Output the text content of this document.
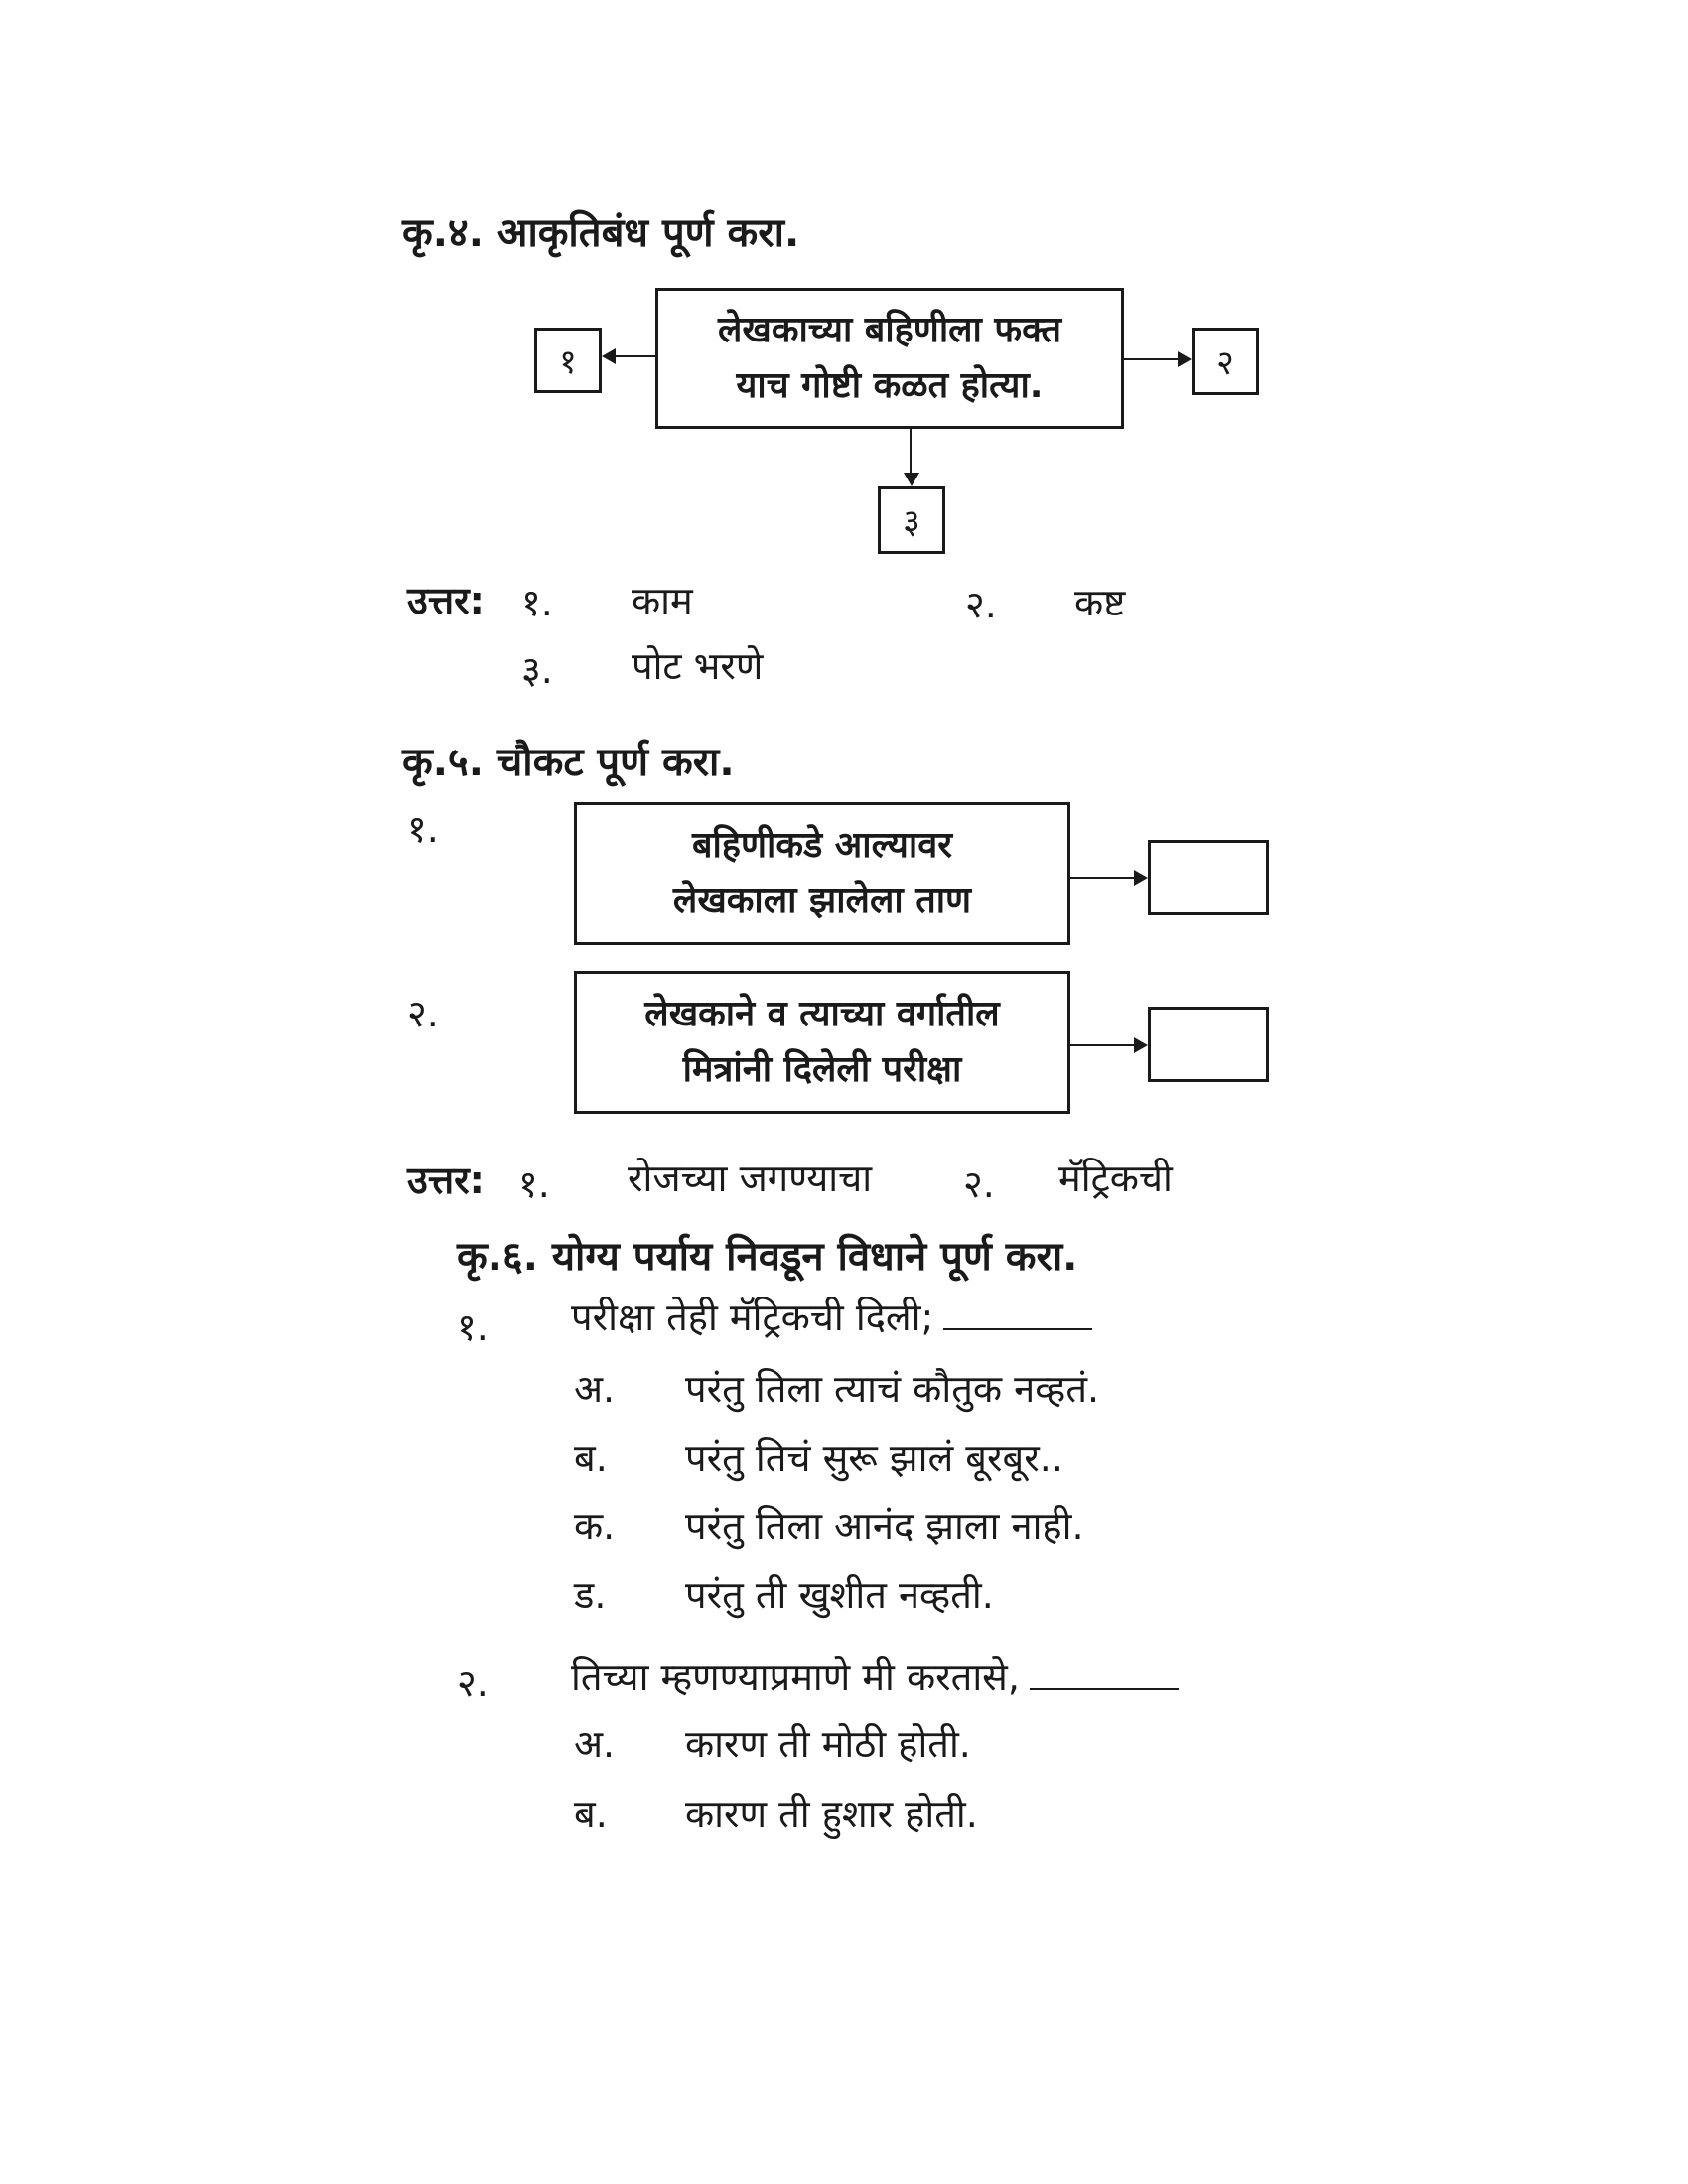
कृ.४. आकृतिबंध पूर्ण करा.
लेखकाच्या बहिणीला फक्त
याच गोष्टी कळत होत्या.
१	२
३
उत्तर: १. काम	२. कष्ट
३. पोट भरणे
कृ.५. चौकट पूर्ण करा.
१.	बहिणीकडे आल्यावर
लेखकाला झालेला ताण
२.	लेखकाने व त्याच्या वर्गातील
मित्रांनी दिलेली परीक्षा
उत्तर: १. रोजच्या जगण्याचा २. मॅट्रिकची
कृ.६. योग्य पर्याय निवडून विधाने पूर्ण करा.
१. परीक्षा तेही मॅट्रिकची दिली;
अ. परंतु तिला त्याचं कौतुक नव्हतं.
ब. परंतु तिचं सुरू झालं बूरबूर..
क. परंतु तिला आनंद झाला नाही.
ड. परंतु ती खुशीत नव्हती.
२. तिच्या म्हणण्याप्रमाणे मी करतासे,
अ. कारण ती मोठी होती.
ब. कारण ती हुशार होती.
